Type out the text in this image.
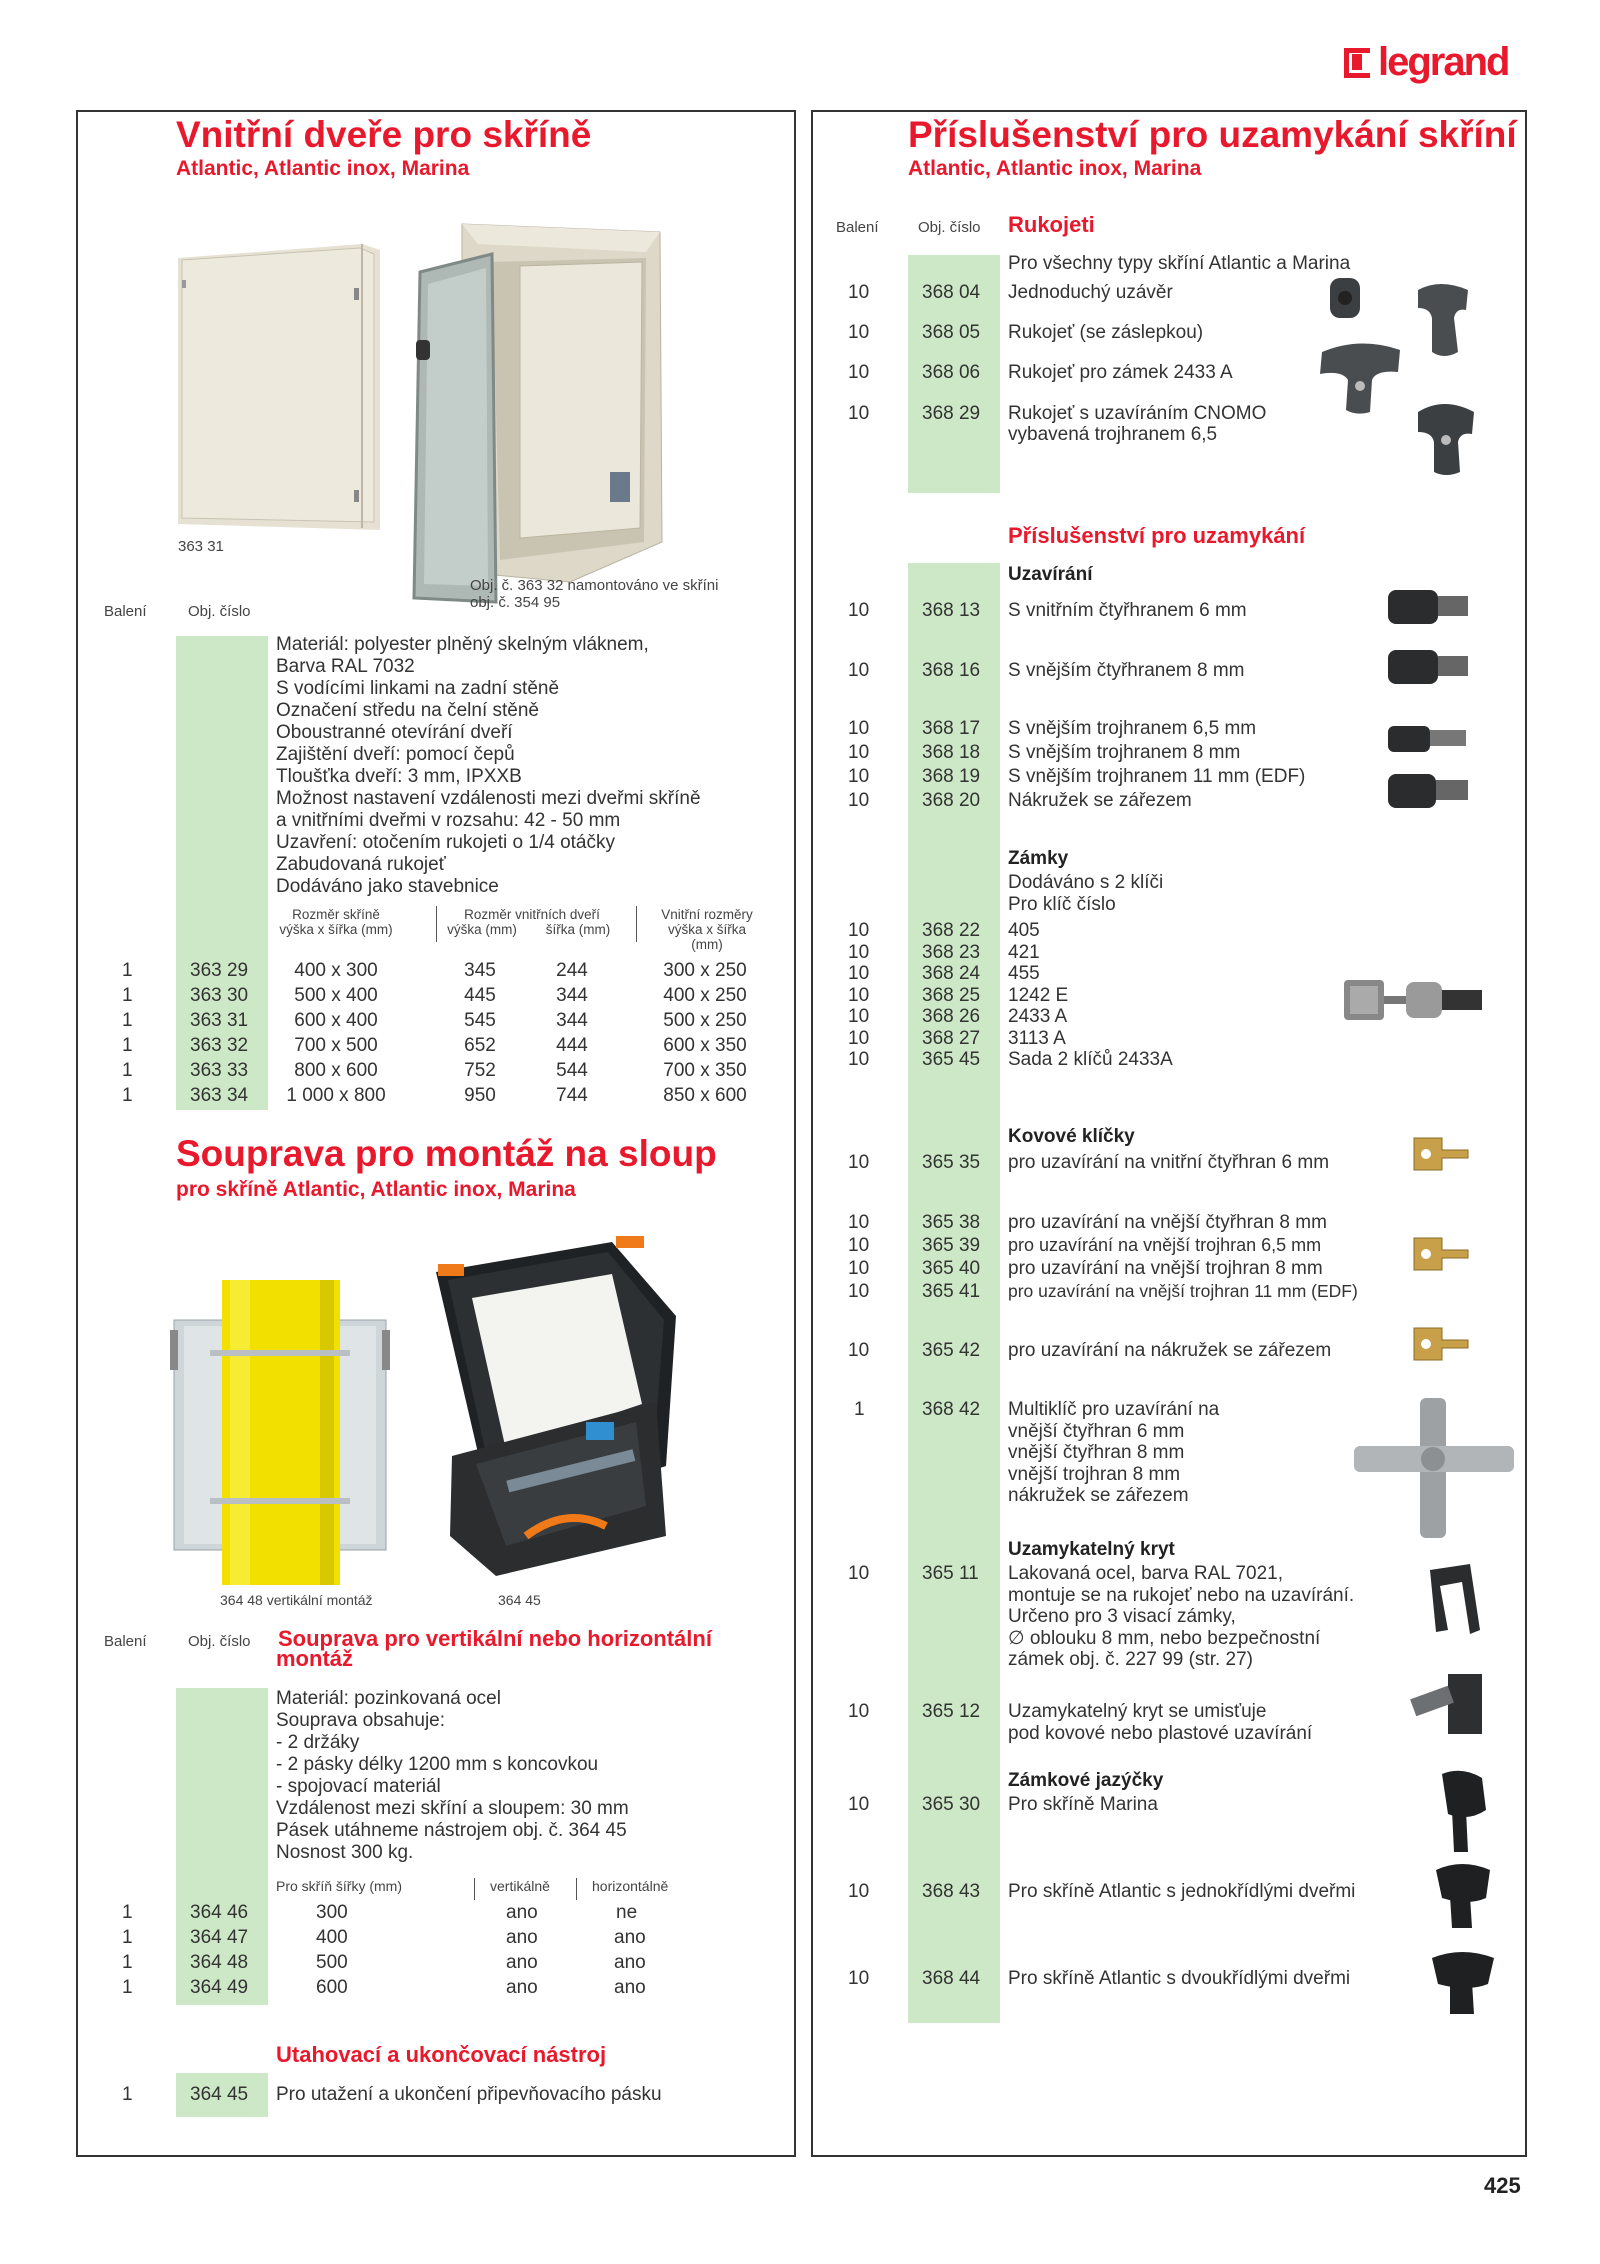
legrand
Vnitřní dveře pro skříně
Atlantic, Atlantic inox, Marina
363 31
Obj. č. 363 32 namontováno ve skříni
obj. č. 354 95
Balení	Obj. číslo
Materiál: polyester plněný skelným vláknem,
Barva RAL 7032
S vodícími linkami na zadní stěně
Označení středu na čelní stěně
Oboustranné otevírání dveří
Zajištění dveří: pomocí čepů
Tloušťka dveří: 3 mm, IPXXB
Možnost nastavení vzdálenosti mezi dveřmi skříně
a vnitřními dveřmi v rozsahu: 42 - 50 mm
Uzavření: otočením rukojeti o 1/4 otáčky
Zabudovaná rukojeť
Dodáváno jako stavebnice
Rozměr skříně
výška x šířka (mm)
Rozměr vnitřních dveří
výška (mm)	šířka (mm)
Vnitřní rozměry
výška x šířka
(mm)
1	363 29	400 x 300	345	244	300 x 250
1	363 30	500 x 400	445	344	400 x 250
1	363 31	600 x 400	545	344	500 x 250
1	363 32	700 x 500	652	444	600 x 350
1	363 33	800 x 600	752	544	700 x 350
1	363 34	1 000 x 800	950	744	850 x 600
Souprava pro montáž na sloup
pro skříně Atlantic, Atlantic inox, Marina
364 48 vertikální montáž	364 45
Balení	Obj. číslo Souprava pro vertikální nebo horizontální
montáž
Materiál: pozinkovaná ocel
Souprava obsahuje:
- 2 držáky
- 2 pásky délky 1200 mm s koncovkou
- spojovací materiál
Vzdálenost mezi skříní a sloupem: 30 mm
Pásek utáhneme nástrojem obj. č. 364 45
Nosnost 300 kg.
Pro skříň šířky (mm)	vertikálně	horizontálně
1	364 46	300	ano	ne
1	364 47	400	ano	ano
1	364 48	500	ano	ano
1	364 49	600	ano	ano
Utahovací a ukončovací nástroj
1	364 45 Pro utažení a ukončení připevňovacího pásku
Příslušenství pro uzamykání skříní
Atlantic, Atlantic inox, Marina
Balení	Obj. číslo Rukojeti
Pro všechny typy skříní Atlantic a Marina
10	368 04 Jednoduchý uzávěr
10	368 05 Rukojeť (se záslepkou)
10	368 06 Rukojeť pro zámek 2433 A
10	368 29 Rukojeť s uzavíráním CNOMO
vybavená trojhranem 6,5
Příslušenství pro uzamykání
Uzavírání
10	368 13 S vnitřním čtyřhranem 6 mm
10	368 16 S vnějším čtyřhranem 8 mm
10	368 17 S vnějším trojhranem 6,5 mm
10	368 18 S vnějším trojhranem 8 mm
10	368 19 S vnějším trojhranem 11 mm (EDF)
10	368 20 Nákružek se zářezem
Zámky
Dodáváno s 2 klíči
Pro klíč číslo
10	368 22 405
10	368 23 421
10	368 24 455
10	368 25 1242 E
10	368 26 2433 A
10	368 27 3113 A
10	365 45 Sada 2 klíčů 2433A
Kovové klíčky
10	365 35 pro uzavírání na vnitřní čtyřhran 6 mm
10	365 38 pro uzavírání na vnější čtyřhran 8 mm
10	365 39 pro uzavírání na vnější trojhran 6,5 mm
10	365 40 pro uzavírání na vnější trojhran 8 mm
10	365 41 pro uzavírání na vnější trojhran 11 mm (EDF)
10	365 42 pro uzavírání na nákružek se zářezem
1	368 42 Multiklíč pro uzavírání na
vnější čtyřhran 6 mm
vnější čtyřhran 8 mm
vnější trojhran 8 mm
nákružek se zářezem
Uzamykatelný kryt
10	365 11 Lakovaná ocel, barva RAL 7021,
montuje se na rukojeť nebo na uzavírání.
Určeno pro 3 visací zámky,
∅ oblouku 8 mm, nebo bezpečnostní
zámek obj. č. 227 99 (str. 27)
10	365 12 Uzamykatelný kryt se umisťuje
pod kovové nebo plastové uzavírání
Zámkové jazýčky
10	365 30 Pro skříně Marina
10	368 43 Pro skříně Atlantic s jednokřídlými dveřmi
10	368 44 Pro skříně Atlantic s dvoukřídlými dveřmi
425
